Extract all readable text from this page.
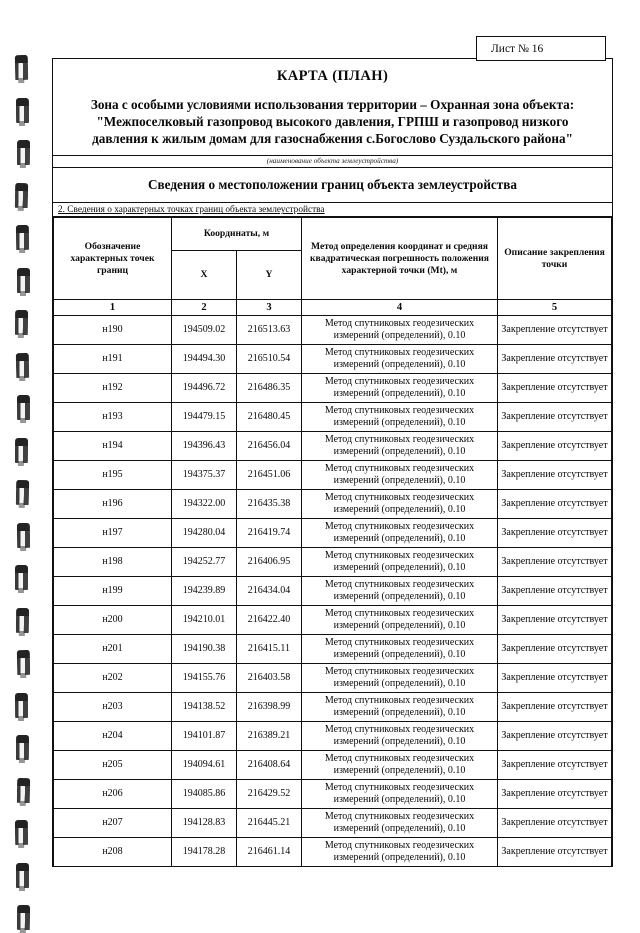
Лист № 16
КАРТА (ПЛАН)
Зона с особыми условиями использования территории – Охранная зона объекта: "Межпоселковый газопровод высокого давления, ГРПШ и газопровод низкого давления к жилым домам для газоснабжения с.Богослово Суздальского района"
(наименование объекта землеустройства)
Сведения о местоположении границ объекта землеустройства
2. Сведения о характерных точках границ объекта землеустройства
Обозначение характерных точек границ	Координаты, м		Метод определения координат и средняя квадратическая погрешность положения характерной точки (Mt), м	Описание закрепления точки
	X	Y		
1	2	3	4	5
н190	194509.02	216513.63	Метод спутниковых геодезических измерений (определений), 0.10	Закрепление отсутствует
н191	194494.30	216510.54	Метод спутниковых геодезических измерений (определений), 0.10	Закрепление отсутствует
н192	194496.72	216486.35	Метод спутниковых геодезических измерений (определений), 0.10	Закрепление отсутствует
н193	194479.15	216480.45	Метод спутниковых геодезических измерений (определений), 0.10	Закрепление отсутствует
н194	194396.43	216456.04	Метод спутниковых геодезических измерений (определений), 0.10	Закрепление отсутствует
н195	194375.37	216451.06	Метод спутниковых геодезических измерений (определений), 0.10	Закрепление отсутствует
н196	194322.00	216435.38	Метод спутниковых геодезических измерений (определений), 0.10	Закрепление отсутствует
н197	194280.04	216419.74	Метод спутниковых геодезических измерений (определений), 0.10	Закрепление отсутствует
н198	194252.77	216406.95	Метод спутниковых геодезических измерений (определений), 0.10	Закрепление отсутствует
н199	194239.89	216434.04	Метод спутниковых геодезических измерений (определений), 0.10	Закрепление отсутствует
н200	194210.01	216422.40	Метод спутниковых геодезических измерений (определений), 0.10	Закрепление отсутствует
н201	194190.38	216415.11	Метод спутниковых геодезических измерений (определений), 0.10	Закрепление отсутствует
н202	194155.76	216403.58	Метод спутниковых геодезических измерений (определений), 0.10	Закрепление отсутствует
н203	194138.52	216398.99	Метод спутниковых геодезических измерений (определений), 0.10	Закрепление отсутствует
н204	194101.87	216389.21	Метод спутниковых геодезических измерений (определений), 0.10	Закрепление отсутствует
н205	194094.61	216408.64	Метод спутниковых геодезических измерений (определений), 0.10	Закрепление отсутствует
н206	194085.86	216429.52	Метод спутниковых геодезических измерений (определений), 0.10	Закрепление отсутствует
н207	194128.83	216445.21	Метод спутниковых геодезических измерений (определений), 0.10	Закрепление отсутствует
н208	194178.28	216461.14	Метод спутниковых геодезических измерений (определений), 0.10	Закрепление отсутствует
